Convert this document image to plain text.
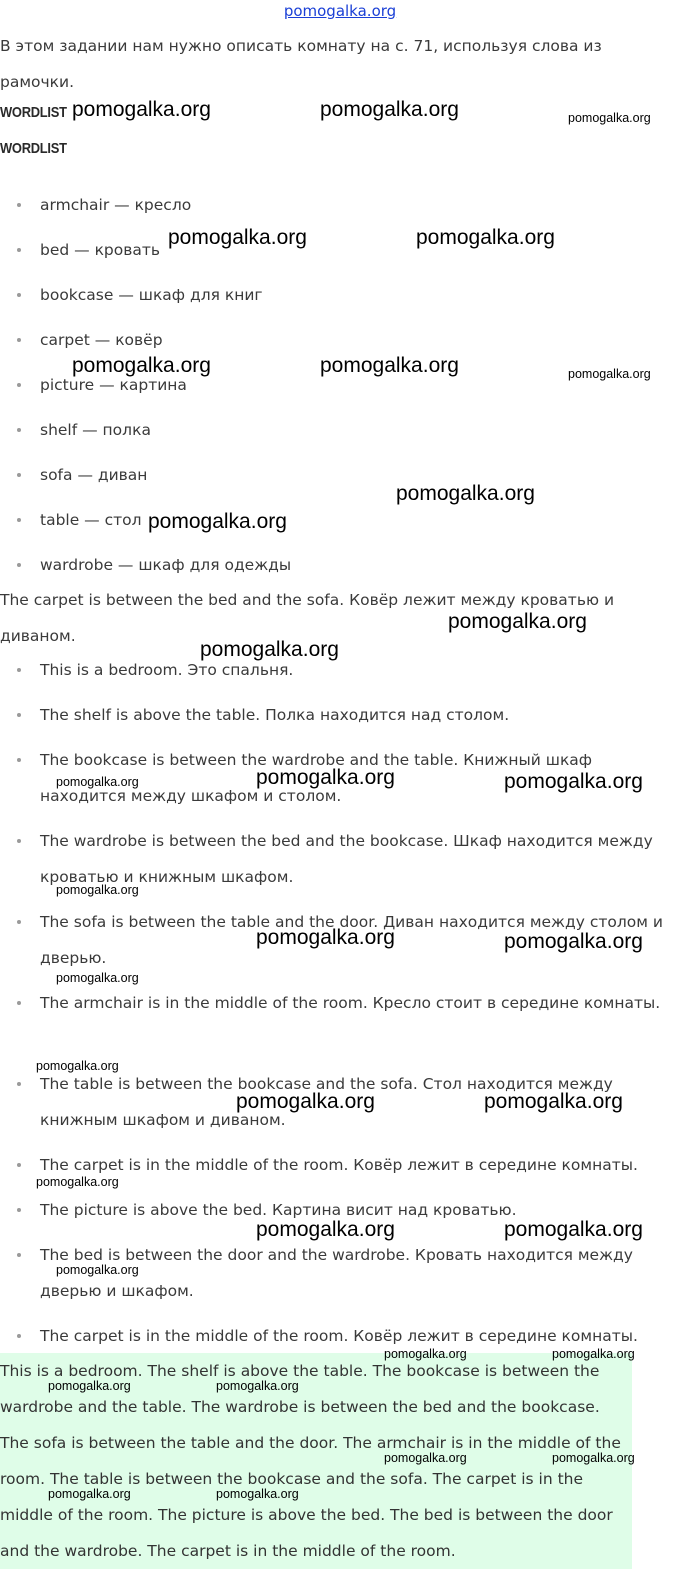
pomogalka.org

В этом задании нам нужно описать комнату на с. 71, используя слова из рамочки.

WORDLIST
WORDLIST
armchair — кресло
bed — кровать
bookcase — шкаф для книг
carpet — ковёр
picture — картина
shelf — полка
sofa — диван
table — стол
wardrobe — шкаф для одежды

The carpet is between the bed and the sofa. Ковёр лежит между кроватью и диваном.

This is a bedroom. Это спальня.
The shelf is above the table. Полка находится над столом.
The bookcase is between the wardrobe and the table. Книжный шкаф находится между шкафом и столом.
The wardrobe is between the bed and the bookcase. Шкаф находится между кроватью и книжным шкафом.
The sofa is between the table and the door. Диван находится между столом и дверью.
The armchair is in the middle of the room. Кресло стоит в середине комнаты.
The table is between the bookcase and the sofa. Стол находится между книжным шкафом и диваном.
The carpet is in the middle of the room. Ковёр лежит в середине комнаты.
The picture is above the bed. Картина висит над кроватью.
The bed is between the door and the wardrobe. Кровать находится между дверью и шкафом.
The carpet is in the middle of the room. Ковёр лежит в середине комнаты.

This is a bedroom. The shelf is above the table. The bookcase is between the wardrobe and the table. The wardrobe is between the bed and the bookcase. The sofa is between the table and the door. The armchair is in the middle of the room. The table is between the bookcase and the sofa. The carpet is in the middle of the room. The picture is above the bed. The bed is between the door and the wardrobe. The carpet is in the middle of the room.

pomogalka.org	pomogalka.org	pomogalka.org
pomogalka.org	pomogalka.org
pomogalka.org	pomogalka.org	pomogalka.org
pomogalka.org
pomogalka.org
pomogalka.org
pomogalka.org
pomogalka.org	pomogalka.org
pomogalka.org
pomogalka.org
pomogalka.org	pomogalka.org
pomogalka.org
pomogalka.org
pomogalka.org	pomogalka.org
pomogalka.org
pomogalka.org	pomogalka.org
pomogalka.org
pomogalka.org	pomogalka.org
pomogalka.org	pomogalka.org
pomogalka.org	pomogalka.org
pomogalka.org	pomogalka.org
